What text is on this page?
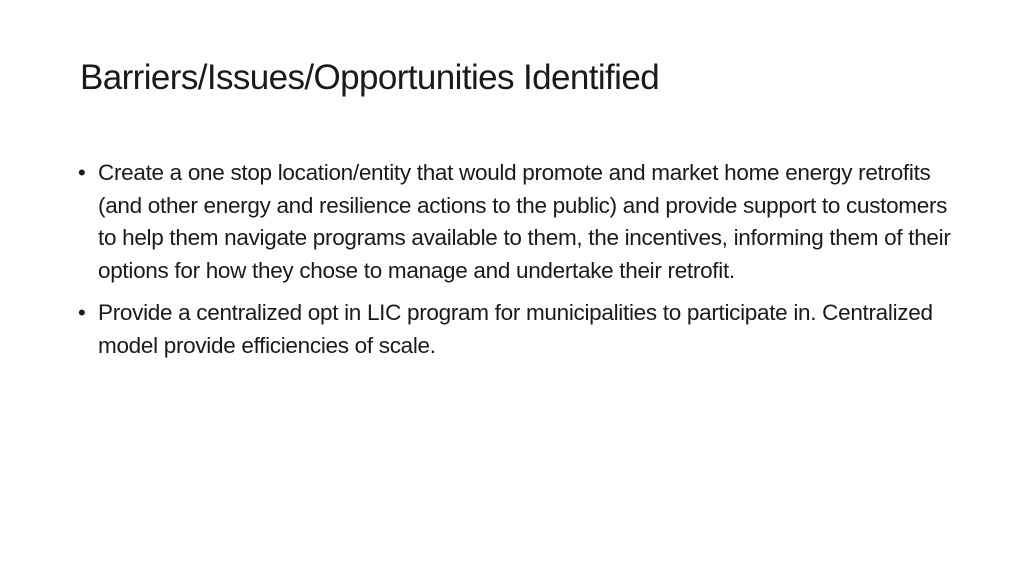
Barriers/Issues/Opportunities Identified
• Create a one stop location/entity that would promote and market home energy retrofits (and other energy and resilience actions to the public) and provide support to customers to help them navigate programs available to them, the incentives, informing them of their options for how they chose to manage and undertake their retrofit.
• Provide a centralized opt in LIC program for municipalities to participate in. Centralized model provide efficiencies of scale.
